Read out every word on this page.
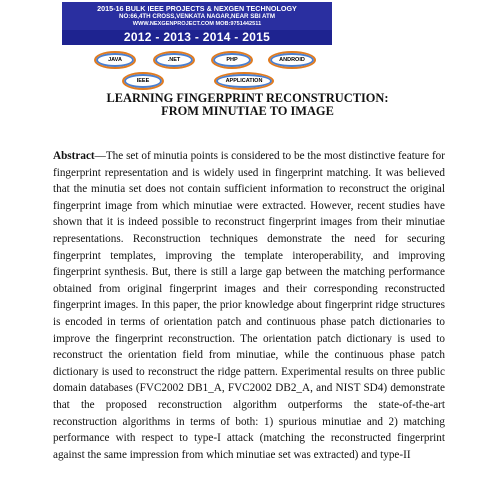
2015-16 BULK IEEE PROJECTS & NEXGEN TECHNOLOGY
NO:66,4TH CROSS,VENKATA NAGAR,NEAR SBI ATM
WWW.NEXGENPROJECT.COM MOB:9751442511
2012 - 2013 - 2014 - 2015
JAVA	.NET	PHP	ANDROID
IEEE	APPLICATION
LEARNING FINGERPRINT RECONSTRUCTION:
FROM MINUTIAE TO IMAGE

Abstract—The set of minutia points is considered to be the most distinctive feature for fingerprint representation and is widely used in fingerprint matching. It was believed that the minutia set does not contain sufficient information to reconstruct the original fingerprint image from which minutiae were extracted. However, recent studies have shown that it is indeed possible to reconstruct fingerprint images from their minutiae representations. Reconstruction techniques demonstrate the need for securing fingerprint templates, improving the template interoperability, and improving fingerprint synthesis. But, there is still a large gap between the matching performance obtained from original fingerprint images and their corresponding reconstructed fingerprint images. In this paper, the prior knowledge about fingerprint ridge structures is encoded in terms of orientation patch and continuous phase patch dictionaries to improve the fingerprint reconstruction. The orientation patch dictionary is used to reconstruct the orientation field from minutiae, while the continuous phase patch dictionary is used to reconstruct the ridge pattern. Experimental results on three public domain databases (FVC2002 DB1_A, FVC2002 DB2_A, and NIST SD4) demonstrate that the proposed reconstruction algorithm outperforms the state-of-the-art reconstruction algorithms in terms of both: 1) spurious minutiae and 2) matching performance with respect to type-I attack (matching the reconstructed fingerprint against the same impression from which minutiae set was extracted) and type-II
